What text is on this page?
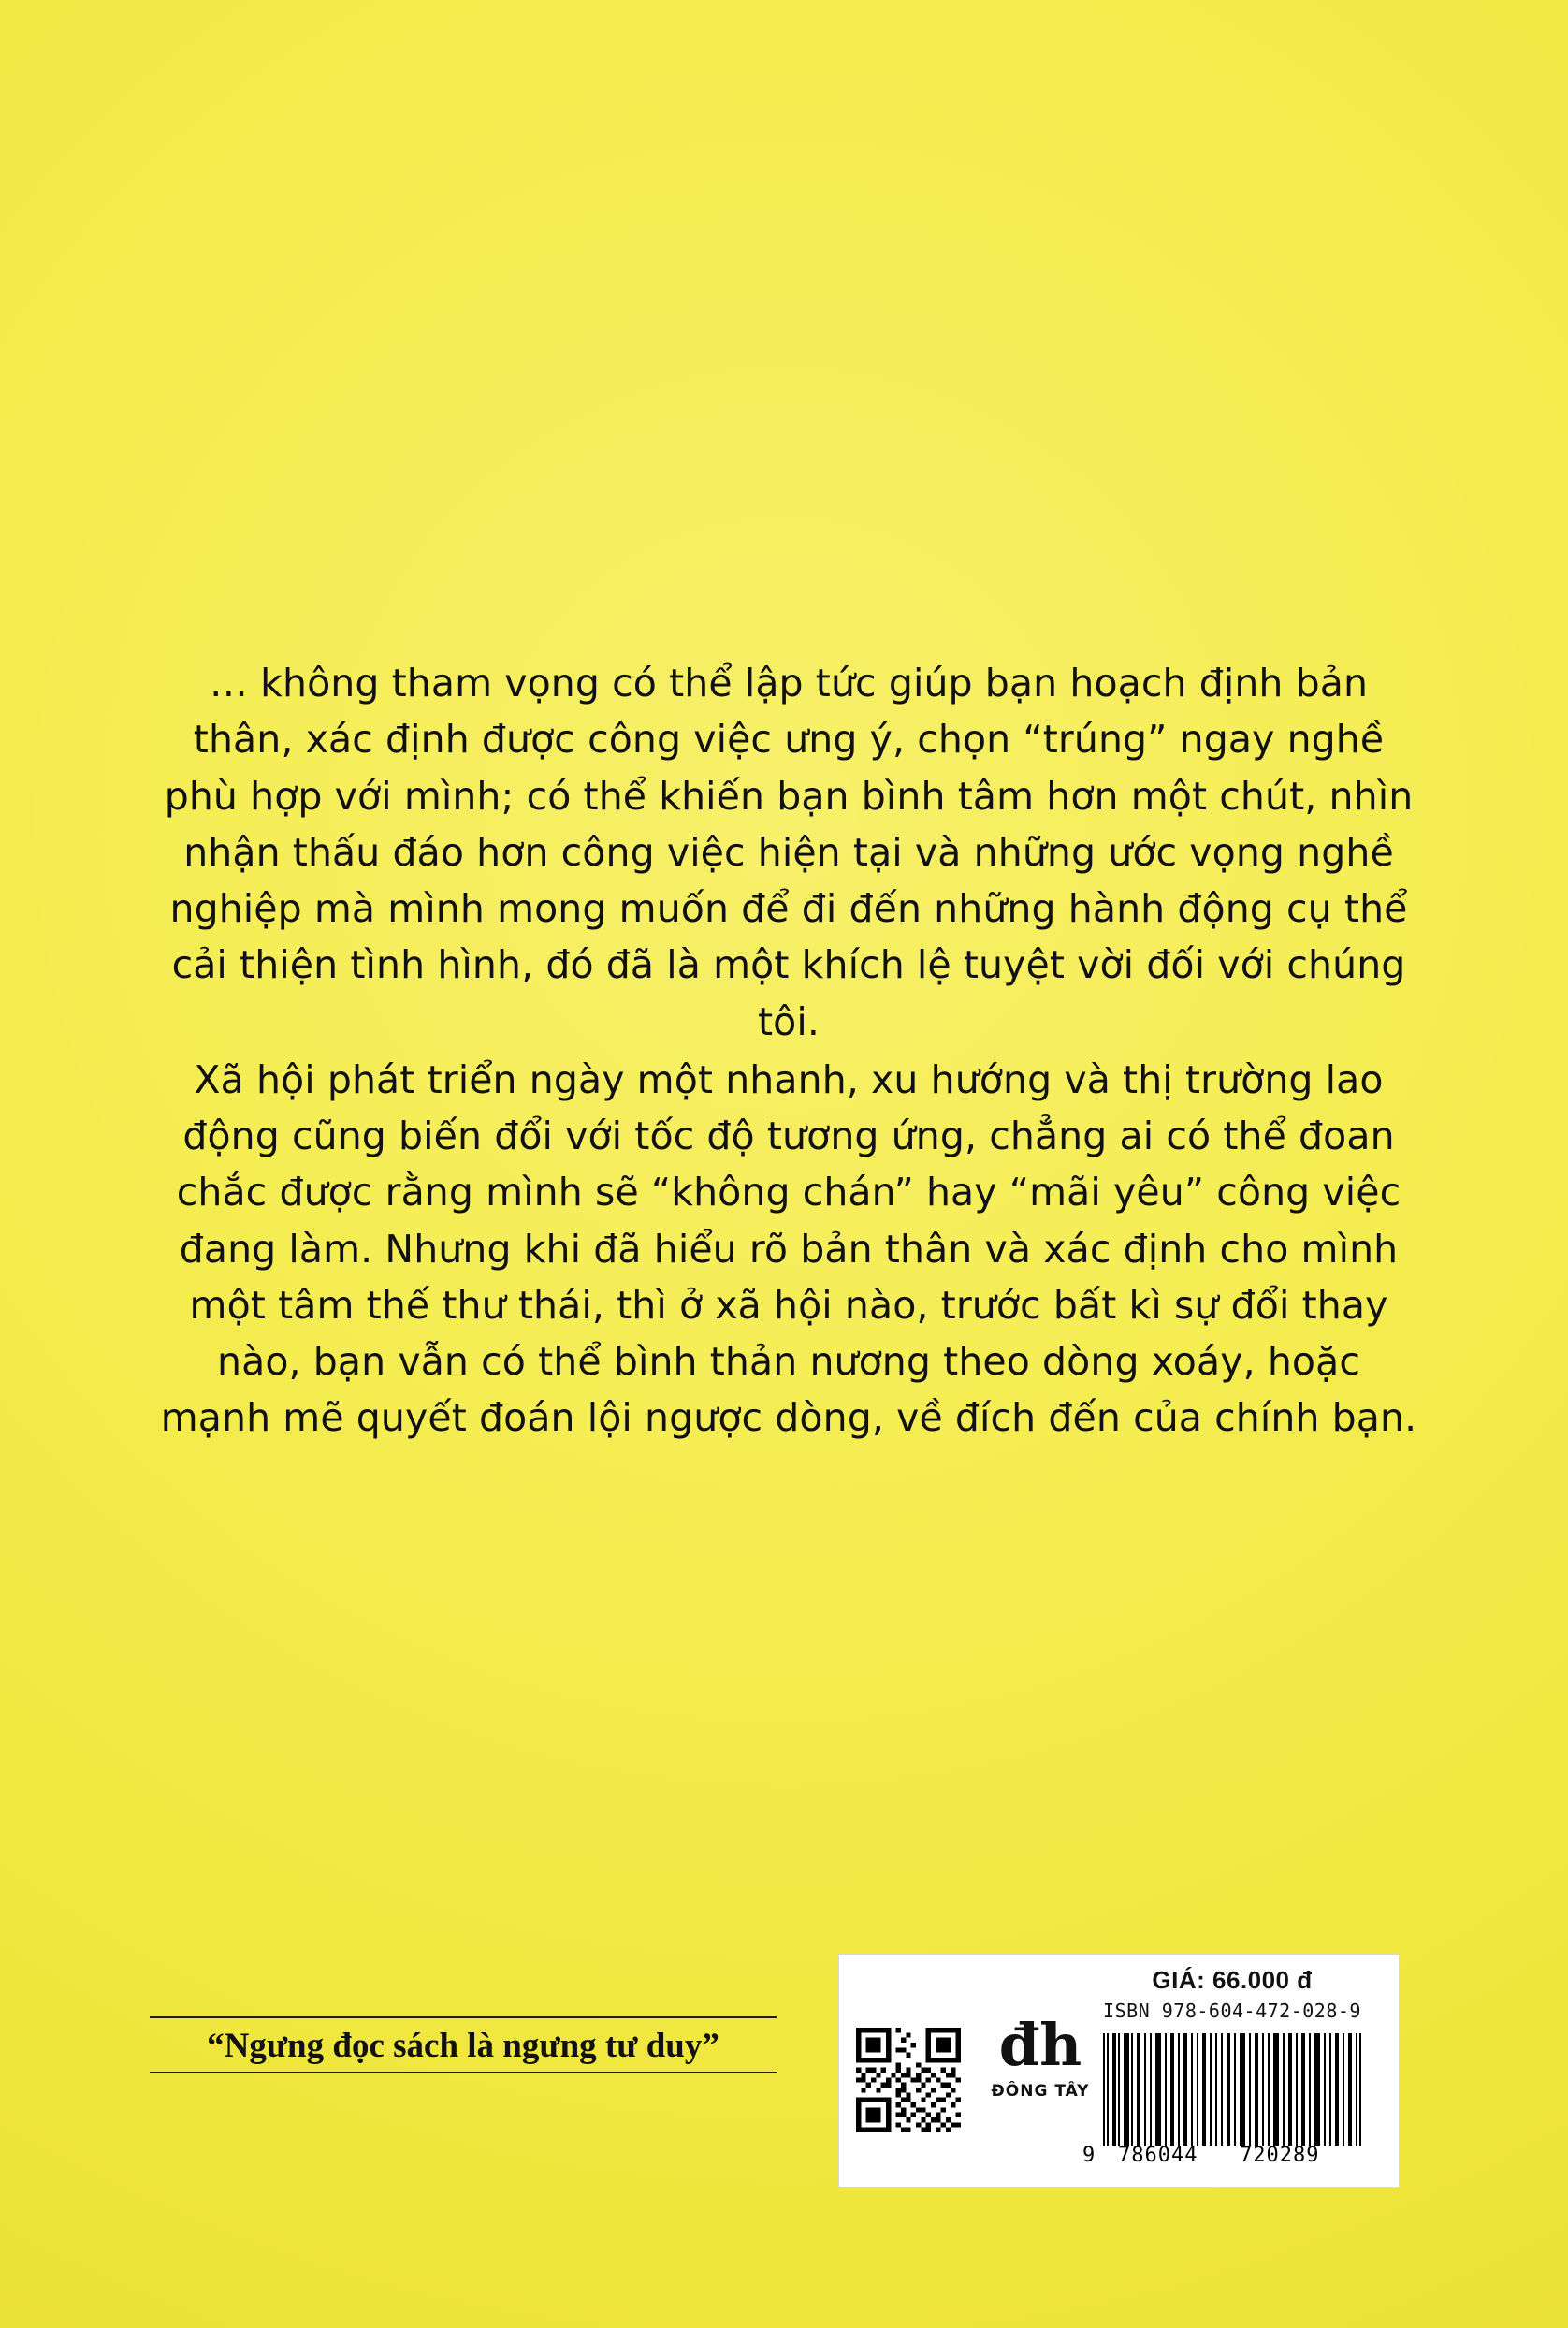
… không tham vọng có thể lập tức giúp bạn hoạch định bản thân, xác định được công việc ưng ý, chọn “trúng” ngay nghề phù hợp với mình; có thể khiến bạn bình tâm hơn một chút, nhìn nhận thấu đáo hơn công việc hiện tại và những ước vọng nghề nghiệp mà mình mong muốn để đi đến những hành động cụ thể cải thiện tình hình, đó đã là một khích lệ tuyệt vời đối với chúng tôi.

Xã hội phát triển ngày một nhanh, xu hướng và thị trường lao động cũng biến đổi với tốc độ tương ứng, chẳng ai có thể đoan chắc được rằng mình sẽ “không chán” hay “mãi yêu” công việc đang làm. Nhưng khi đã hiểu rõ bản thân và xác định cho mình một tâm thế thư thái, thì ở xã hội nào, trước bất kì sự đổi thay nào, bạn vẫn có thể bình thản nương theo dòng xoáy, hoặc mạnh mẽ quyết đoán lội ngược dòng, về đích đến của chính bạn.

“Ngưng đọc sách là ngưng tư duy”	đh
ĐÔNG TÂY
GIÁ: 66.000 đ
ISBN 978-604-472-028-9
9 786044 720289
